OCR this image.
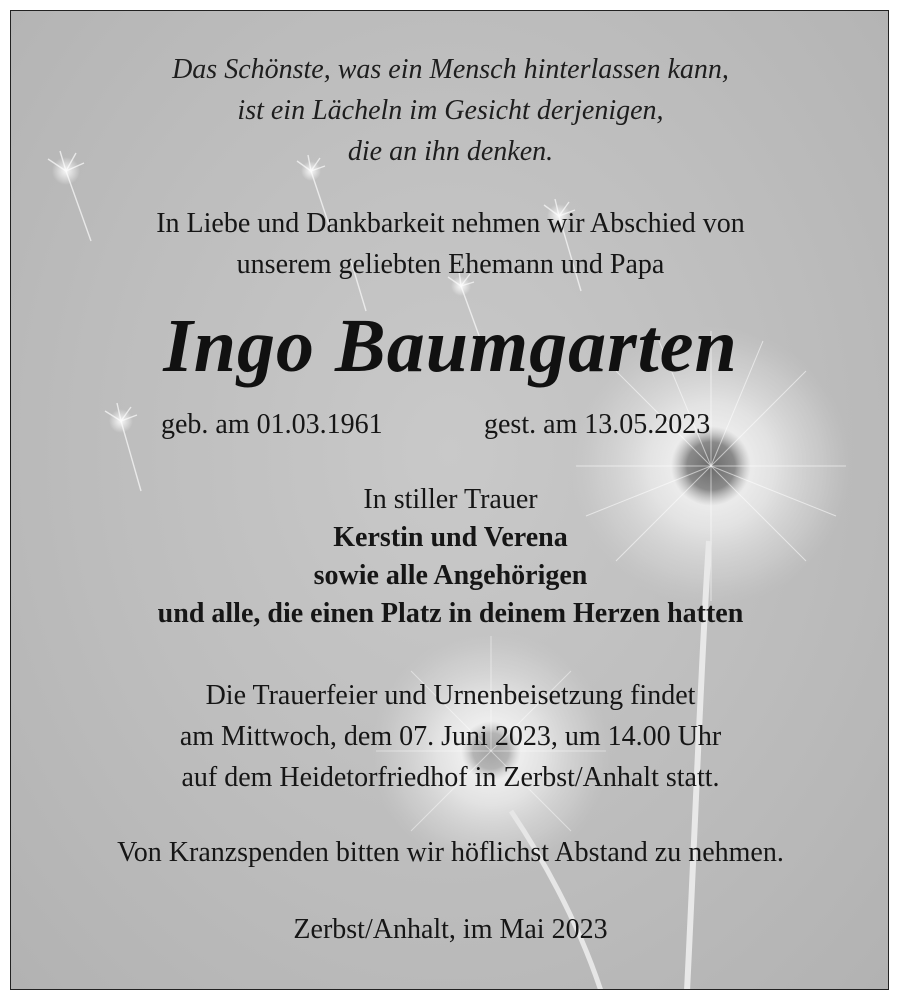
Das Schönste, was ein Mensch hinterlassen kann,
ist ein Lächeln im Gesicht derjenigen,
die an ihn denken.

In Liebe und Dankbarkeit nehmen wir Abschied von
unserem geliebten Ehemann und Papa

Ingo Baumgarten
geb. am 01.03.1961	gest. am 13.05.2023

In stiller Trauer

Kerstin und Verena
sowie alle Angehörigen
und alle, die einen Platz in deinem Herzen hatten

Die Trauerfeier und Urnenbeisetzung findet
am Mittwoch, dem 07. Juni 2023, um 14.00 Uhr
auf dem Heidetorfriedhof in Zerbst/Anhalt statt.

Von Kranzspenden bitten wir höflichst Abstand zu nehmen.

Zerbst/Anhalt, im Mai 2023
